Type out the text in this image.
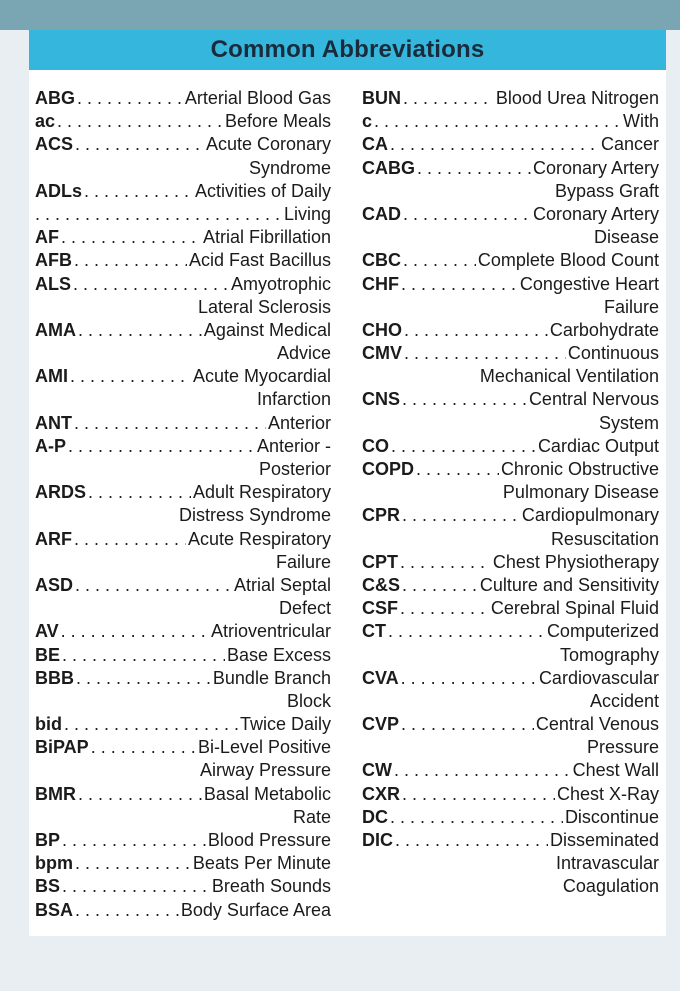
Common Abbreviations
ABG . . .	Arterial Blood Gas
ac . . .	Before Meals
ACS . . .	Acute Coronary
Syndrome
ADLs . . .	Activities of Daily
. . .
Living
AF . . .	Atrial Fibrillation
AFB . . .	Acid Fast Bacillus
ALS . . .	Amyotrophic
Lateral Sclerosis
AMA . . .	Against Medical
Advice
AMI . . .	Acute Myocardial
Infarction
ANT . . .	Anterior
A-P . . .	Anterior -
Posterior
ARDS . . .	Adult Respiratory
Distress Syndrome
ARF . . .	Acute Respiratory
Failure
ASD . . .	Atrial Septal
Defect
AV . . .	Atrioventricular
BE . . .	Base Excess
BBB . . .	Bundle Branch
Block
bid . . .	Twice Daily
BiPAP . . .	Bi-Level Positive
Airway Pressure
BMR . . .	Basal Metabolic
Rate
BP . . .	Blood Pressure
bpm . . .	Beats Per Minute
BS . . .	Breath Sounds
BSA . . .	Body Surface Area
BUN . . .	Blood Urea Nitrogen
c . . .	With
CA . . .	Cancer
CABG . . .	Coronary Artery
Bypass Graft
CAD . . .	Coronary Artery
Disease
CBC . . .	Complete Blood Count
CHF . . .	Congestive Heart
Failure
CHO . . .	Carbohydrate
CMV . . .	Continuous
Mechanical Ventilation
CNS . . .	Central Nervous
System
CO . . .	Cardiac Output
COPD . . .	Chronic Obstructive
Pulmonary Disease
CPR . . .	Cardiopulmonary
Resuscitation
CPT . . .	Chest Physiotherapy
C&S . . .	Culture and Sensitivity
CSF . . .	Cerebral Spinal Fluid
CT . . .	Computerized
Tomography
CVA . . .	Cardiovascular
Accident
CVP . . .	Central Venous
Pressure
CW . . .	Chest Wall
CXR . . .	Chest X-Ray
DC . . .	Discontinue
DIC . . .	Disseminated
Intravascular
Coagulation
